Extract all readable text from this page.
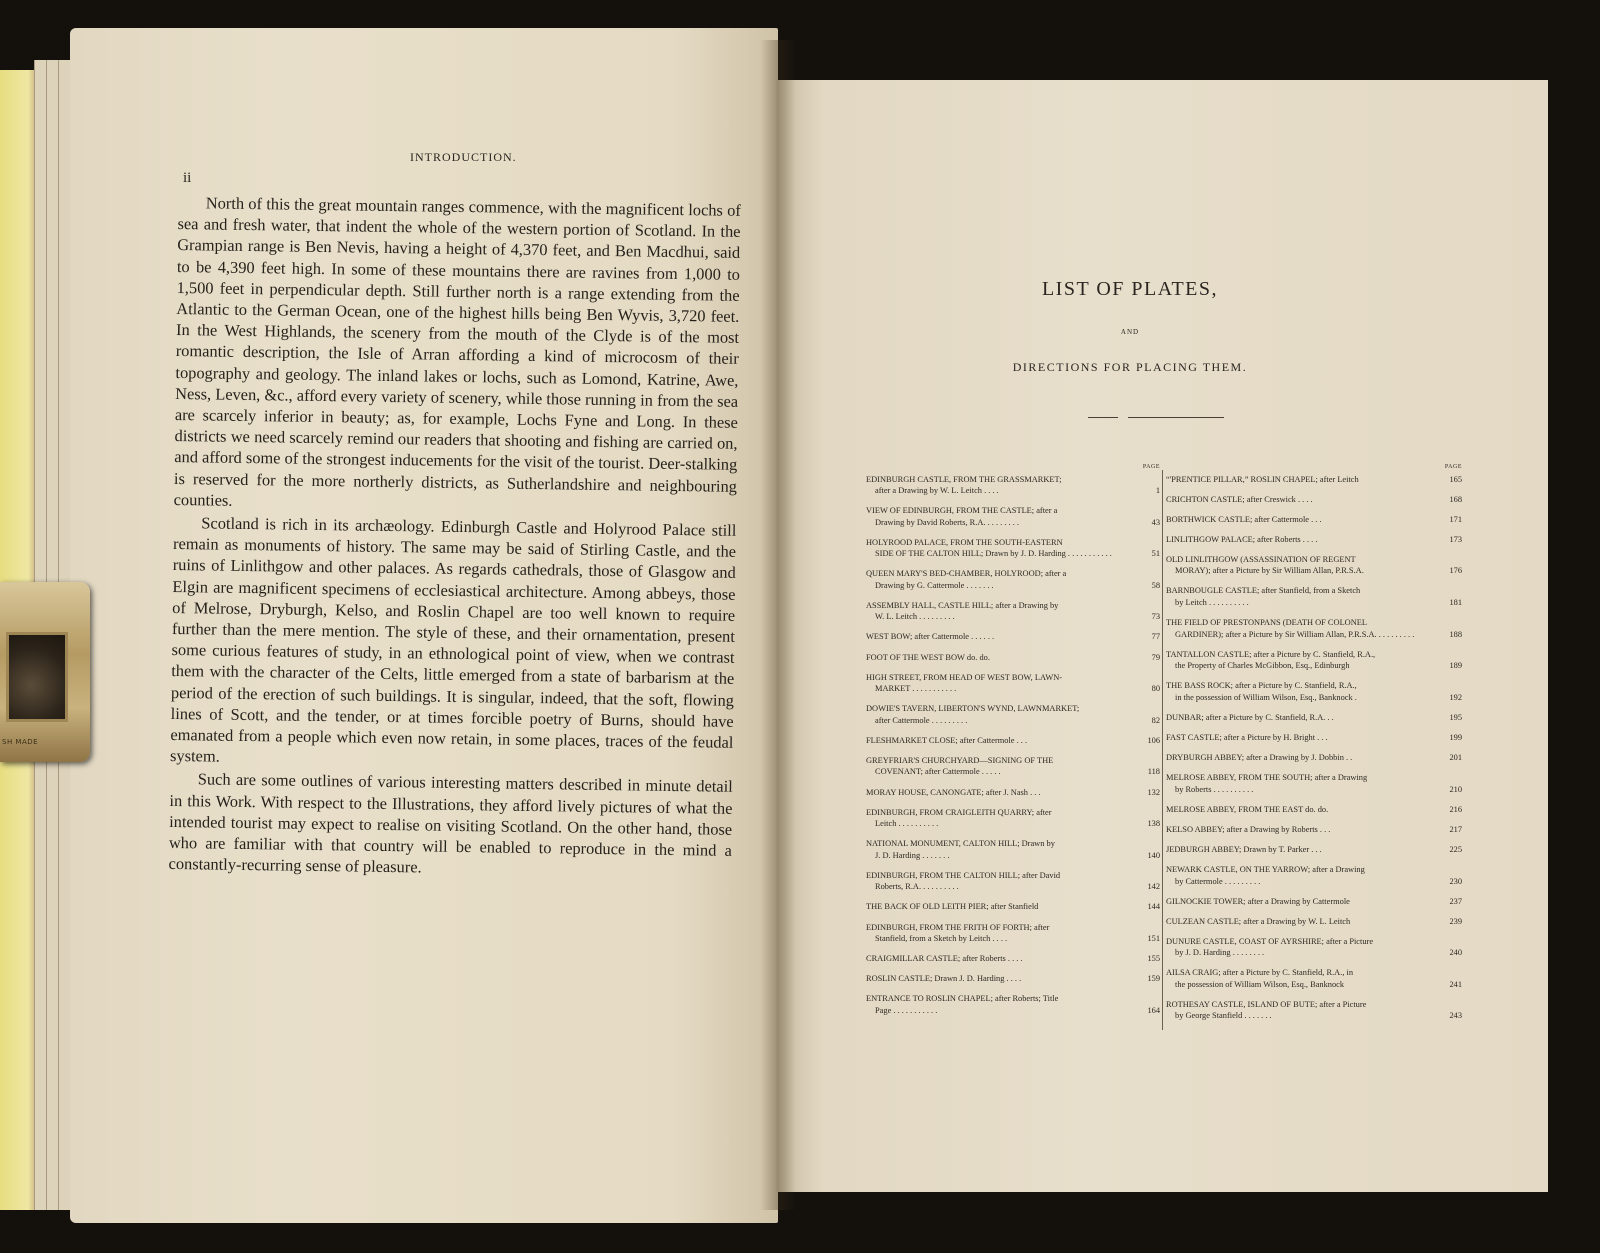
INTRODUCTION.
ii

North of this the great mountain ranges commence, with the magnificent lochs of sea and fresh water, that indent the whole of the western portion of Scotland. In the Grampian range is Ben Nevis, having a height of 4,370 feet, and Ben Macdhui, said to be 4,390 feet high. In some of these mountains there are ravines from 1,000 to 1,500 feet in perpendicular depth. Still further north is a range extending from the Atlantic to the German Ocean, one of the highest hills being Ben Wyvis, 3,720 feet. In the West Highlands, the scenery from the mouth of the Clyde is of the most romantic description, the Isle of Arran affording a kind of microcosm of their topography and geology. The inland lakes or lochs, such as Lomond, Katrine, Awe, Ness, Leven, &c., afford every variety of scenery, while those running in from the sea are scarcely inferior in beauty; as, for example, Lochs Fyne and Long. In these districts we need scarcely remind our readers that shooting and fishing are carried on, and afford some of the strongest inducements for the visit of the tourist. Deer-stalking is reserved for the more northerly districts, as Sutherlandshire and neighbouring counties.

Scotland is rich in its archæology. Edinburgh Castle and Holyrood Palace still remain as monuments of history. The same may be said of Stirling Castle, and the ruins of Linlithgow and other palaces. As regards cathedrals, those of Glasgow and Elgin are magnificent specimens of ecclesiastical architecture. Among abbeys, those of Melrose, Dryburgh, Kelso, and Roslin Chapel are too well known to require further than the mere mention. The style of these, and their ornamentation, present some curious features of study, in an ethnological point of view, when we contrast them with the character of the Celts, little emerged from a state of barbarism at the period of the erection of such buildings. It is singular, indeed, that the soft, flowing lines of Scott, and the tender, or at times forcible poetry of Burns, should have emanated from a people which even now retain, in some places, traces of the feudal system.

Such are some outlines of various interesting matters described in minute detail in this Work. With respect to the Illustrations, they afford lively pictures of what the intended tourist may expect to realise on visiting Scotland. On the other hand, those who are familiar with that country will be enabled to reproduce in the mind a constantly-recurring sense of pleasure.

SH MADE
LIST OF PLATES,
AND
DIRECTIONS FOR PLACING THEM.
PAGE
EDINBURGH CASTLE, FROM THE GRASSMARKET;
after a Drawing by W. L. Leitch . . . .	1
VIEW OF EDINBURGH, FROM THE CASTLE; after a
Drawing by David Roberts, R.A. . . . . . . . .	43
HOLYROOD PALACE, FROM THE SOUTH-EASTERN
SIDE OF THE CALTON HILL; Drawn by J. D. Harding . . . . . . . . . . .	51
QUEEN MARY'S BED-CHAMBER, HOLYROOD; after a
Drawing by G. Cattermole . . . . . . .	58
ASSEMBLY HALL, CASTLE HILL; after a Drawing by
W. L. Leitch . . . . . . . . .	73
WEST BOW; after Cattermole . . . . . .	77
FOOT OF THE WEST BOW do. do.	79
HIGH STREET, FROM HEAD OF WEST BOW, LAWN-
MARKET . . . . . . . . . . .	80
DOWIE'S TAVERN, LIBERTON'S WYND, LAWNMARKET;
after Cattermole . . . . . . . . .	82
FLESHMARKET CLOSE; after Cattermole . . .	106
GREYFRIAR'S CHURCHYARD—SIGNING OF THE
COVENANT; after Cattermole . . . . .	118
MORAY HOUSE, CANONGATE; after J. Nash . . .	132
EDINBURGH, FROM CRAIGLEITH QUARRY; after
Leitch . . . . . . . . . .	138
NATIONAL MONUMENT, CALTON HILL; Drawn by
J. D. Harding . . . . . . .	140
EDINBURGH, FROM THE CALTON HILL; after David
Roberts, R.A. . . . . . . . . .	142
THE BACK OF OLD LEITH PIER; after Stanfield	144
EDINBURGH, FROM THE FRITH OF FORTH; after
Stanfield, from a Sketch by Leitch . . . .	151
CRAIGMILLAR CASTLE; after Roberts . . . .	155
ROSLIN CASTLE; Drawn J. D. Harding . . . .	159
ENTRANCE TO ROSLIN CHAPEL; after Roberts; Title
Page . . . . . . . . . . .	164
PAGE
“'PRENTICE PILLAR,” ROSLIN CHAPEL; after Leitch	165
CRICHTON CASTLE; after Creswick . . . .	168
BORTHWICK CASTLE; after Cattermole . . .	171
LINLITHGOW PALACE; after Roberts . . . .	173
OLD LINLITHGOW (ASSASSINATION OF REGENT
MORAY); after a Picture by Sir William Allan, P.R.S.A.	176
BARNBOUGLE CASTLE; after Stanfield, from a Sketch
by Leitch . . . . . . . . . .	181
THE FIELD OF PRESTONPANS (DEATH OF COLONEL
GARDINER); after a Picture by Sir William Allan, P.R.S.A. . . . . . . . . .	188
TANTALLON CASTLE; after a Picture by C. Stanfield, R.A.,
the Property of Charles McGibbon, Esq., Edinburgh	189
THE BASS ROCK; after a Picture by C. Stanfield, R.A.,
in the possession of William Wilson, Esq., Banknock .	192
DUNBAR; after a Picture by C. Stanfield, R.A. . .	195
FAST CASTLE; after a Picture by H. Bright . . .	199
DRYBURGH ABBEY; after a Drawing by J. Dobbin . .	201
MELROSE ABBEY, FROM THE SOUTH; after a Drawing
by Roberts . . . . . . . . . .	210
MELROSE ABBEY, FROM THE EAST do. do.	216
KELSO ABBEY; after a Drawing by Roberts . . .	217
JEDBURGH ABBEY; Drawn by T. Parker . . .	225
NEWARK CASTLE, ON THE YARROW; after a Drawing
by Cattermole . . . . . . . . .	230
GILNOCKIE TOWER; after a Drawing by Cattermole	237
CULZEAN CASTLE; after a Drawing by W. L. Leitch	239
DUNURE CASTLE, COAST OF AYRSHIRE; after a Picture
by J. D. Harding . . . . . . . .	240
AILSA CRAIG; after a Picture by C. Stanfield, R.A., in
the possession of William Wilson, Esq., Banknock	241
ROTHESAY CASTLE, ISLAND OF BUTE; after a Picture
by George Stanfield . . . . . . .	243
